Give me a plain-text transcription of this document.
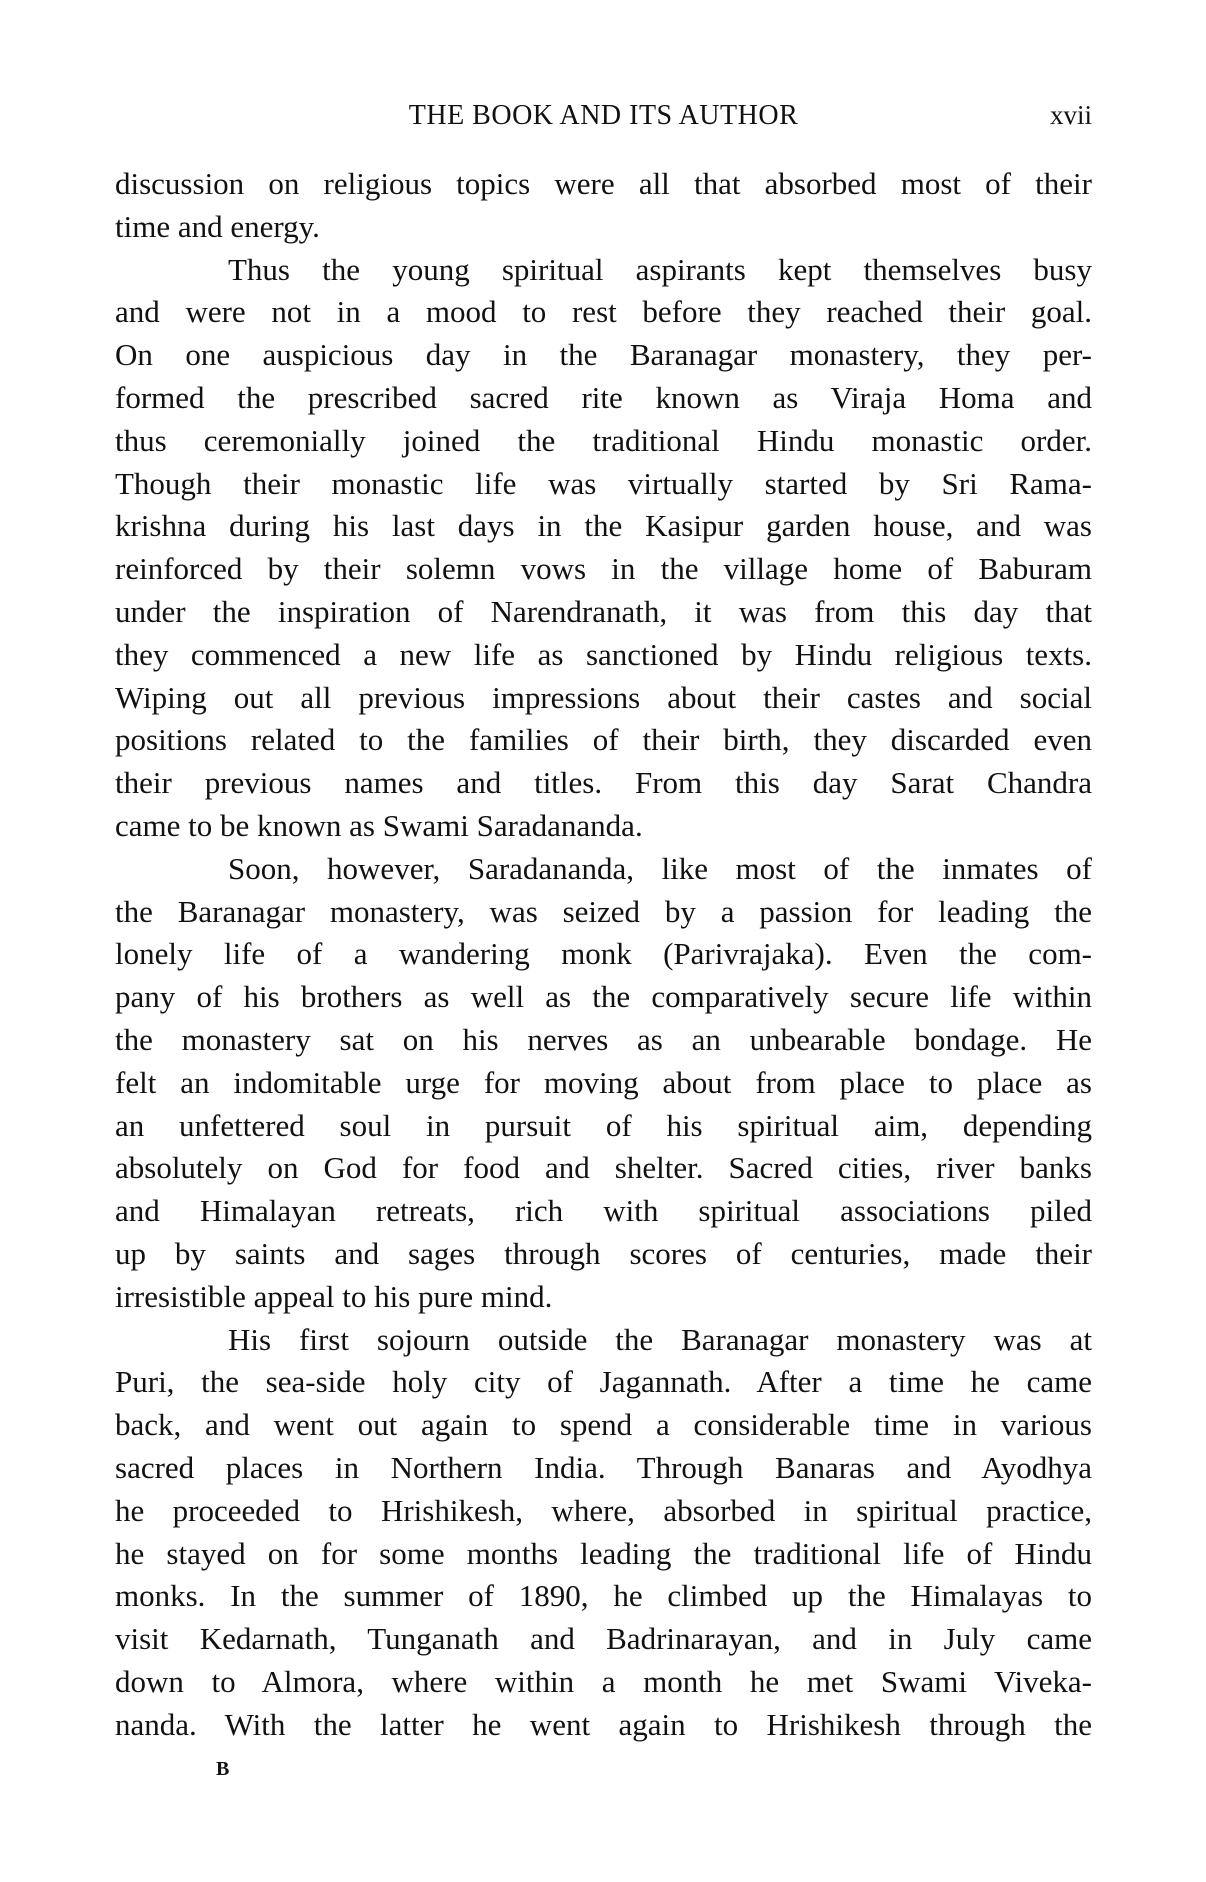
THE BOOK AND ITS AUTHOR	xvii
discussion on religious topics were all that absorbed most of their
time and energy.
Thus the young spiritual aspirants kept themselves busy
and were not in a mood to rest before they reached their goal.
On one auspicious day in the Baranagar monastery, they per-
formed the prescribed sacred rite known as Viraja Homa and
thus ceremonially joined the traditional Hindu monastic order.
Though their monastic life was virtually started by Sri Rama-
krishna during his last days in the Kasipur garden house, and was
reinforced by their solemn vows in the village home of Baburam
under the inspiration of Narendranath, it was from this day that
they commenced a new life as sanctioned by Hindu religious texts.
Wiping out all previous impressions about their castes and social
positions related to the families of their birth, they discarded even
their previous names and titles. From this day Sarat Chandra
came to be known as Swami Saradananda.
Soon, however, Saradananda, like most of the inmates of
the Baranagar monastery, was seized by a passion for leading the
lonely life of a wandering monk (Parivrajaka). Even the com-
pany of his brothers as well as the comparatively secure life within
the monastery sat on his nerves as an unbearable bondage. He
felt an indomitable urge for moving about from place to place as
an unfettered soul in pursuit of his spiritual aim, depending
absolutely on God for food and shelter. Sacred cities, river banks
and Himalayan retreats, rich with spiritual associations piled
up by saints and sages through scores of centuries, made their
irresistible appeal to his pure mind.
His first sojourn outside the Baranagar monastery was at
Puri, the sea-side holy city of Jagannath. After a time he came
back, and went out again to spend a considerable time in various
sacred places in Northern India. Through Banaras and Ayodhya
he proceeded to Hrishikesh, where, absorbed in spiritual practice,
he stayed on for some months leading the traditional life of Hindu
monks. In the summer of 1890, he climbed up the Himalayas to
visit Kedarnath, Tunganath and Badrinarayan, and in July came
down to Almora, where within a month he met Swami Viveka-
nanda. With the latter he went again to Hrishikesh through the
B
